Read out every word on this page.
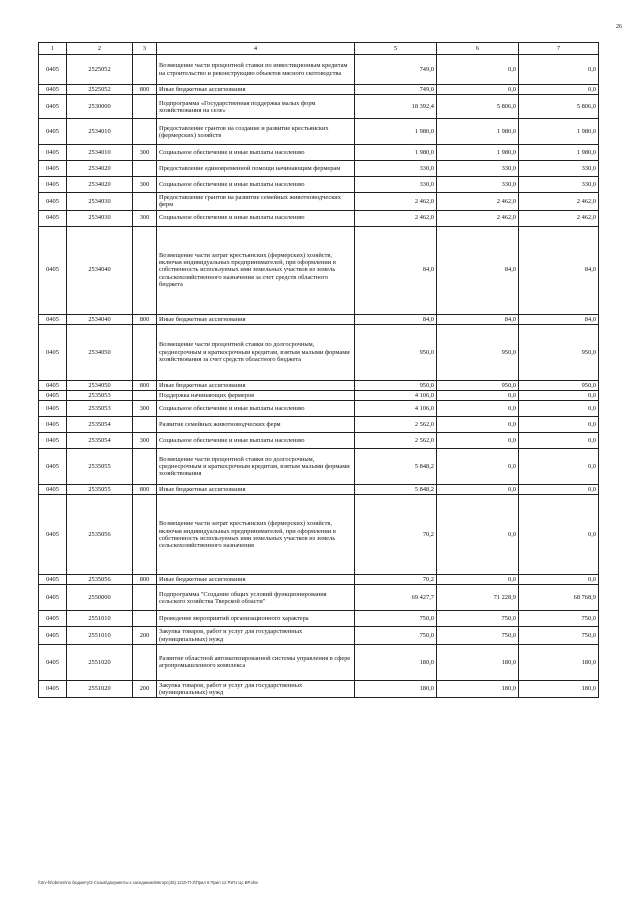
26
1	2	3	4	5	6	7
0405	2525052		Возмещение части процентной ставки по инвестиционным кредитам на строительство и реконструкцию объектов мясного скотоводства	749,0	0,0	0,0
0405	2525052	800	Иные бюджетные ассигнования	749,0	0,0	0,0
0405	2530000		Подпрограмма «Государственная поддержка малых форм хозяйствования на селе»	18 392,4	5 806,0	5 806,0
0405	2534010		Предоставление грантов на создание и развитие крестьянских (фермерских) хозяйств	1 980,0	1 980,0	1 980,0
0405	2534010	300	Социальное обеспечение и иные выплаты населению	1 980,0	1 980,0	1 980,0
0405	2534020		Предоставление единовременной помощи начинающим фермерам	330,0	330,0	330,0
0405	2534020	300	Социальное обеспечение и иные выплаты населению	330,0	330,0	330,0
0405	2534030		Предоставление грантов на развитие семейных животноводческих ферм	2 462,0	2 462,0	2 462,0
0405	2534030	300	Социальное обеспечение и иные выплаты населению	2 462,0	2 462,0	2 462,0
0405	2534040		Возмещение части затрат крестьянских (фермерских) хозяйств, включая индивидуальных предпринимателей, при оформлении в собственность используемых ими земельных участков из земель сельскохозяйственного назначения за счет средств областного бюджета	84,0	84,0	84,0
0405	2534040	800	Иные бюджетные ассигнования	84,0	84,0	84,0
0405	2534050		Возмещение части процентной ставки по долгосрочным, среднесрочным и краткосрочным кредитам, взятым малыми формами хозяйствования за счет средств областного бюджета	950,0	950,0	950,0
0405	2534050	800	Иные бюджетные ассигнования	950,0	950,0	950,0
0405	2535053		Поддержка начинающих фермеров	4 106,0	0,0	0,0
0405	2535053	300	Социальное обеспечение и иные выплаты населению	4 106,0	0,0	0,0
0405	2535054		Развитие семейных животноводческих ферм	2 562,0	0,0	0,0
0405	2535054	300	Социальное обеспечение и иные выплаты населению	2 562,0	0,0	0,0
0405	2535055		Возмещение части процентной ставки по долгосрочным, среднесрочным и краткосрочным кредитам, взятым малыми формами хозяйствования	5 848,2	0,0	0,0
0405	2535055	800	Иные бюджетные ассигнования	5 848,2	0,0	0,0
0405	2535056		Возмещение части затрат крестьянских (фермерских) хозяйств, включая индивидуальных предпринимателей, при оформлении в собственность используемых ими земельных участков из земель сельскохозяйственного назначения	70,2	0,0	0,0
0405	2535056	800	Иные бюджетные ассигнования	70,2	0,0	0,0
0405	2550000		Подпрограмма "Создание общих условий функционирования сельского хозяйства Тверской области"	69 427,7	71 228,9	68 768,9
0405	2551010		Проведение мероприятий организационного характера	750,0	750,0	750,0
0405	2551010	200	Закупка товаров, работ и услуг для государственных (муниципальных) нужд	750,0	750,0	750,0
0405	2551020		Развитие областной автоматизированной системы управления в сфере агропромышленного комплекса	180,0	180,0	180,0
0405	2551020	200	Закупка товаров, работ и услуг для государственных (муниципальных) нужд	180,0	180,0	180,0
\\Srv-fs\obmen\по бюджету\3 Созыв\документы к заседанию\Ингорс(45) 1210-П-3\Прил 6 Прил 12 РзПз Цс ВР.xlsx
